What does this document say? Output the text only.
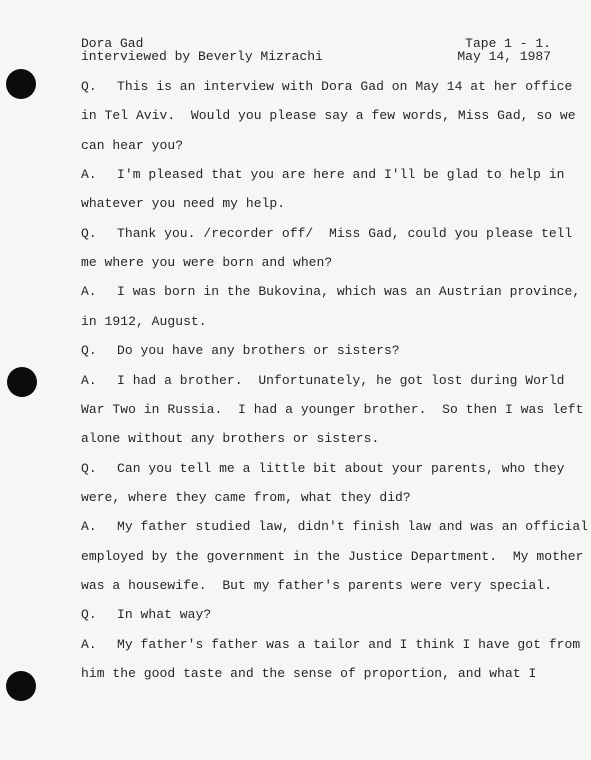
Dora Gad	Tape 1 - 1.
interviewed by Beverly Mizrachi	May 14, 1987
Q. This is an interview with Dora Gad on May 14 at her office
in Tel Aviv.  Would you please say a few words, Miss Gad, so we
can hear you?
A. I'm pleased that you are here and I'll be glad to help in
whatever you need my help.
Q. Thank you. /recorder off/  Miss Gad, could you please tell
me where you were born and when?
A. I was born in the Bukovina, which was an Austrian province,
in 1912, August.
Q. Do you have any brothers or sisters?
A. I had a brother.  Unfortunately, he got lost during World
War Two in Russia.  I had a younger brother.  So then I was left
alone without any brothers or sisters.
Q. Can you tell me a little bit about your parents, who they
were, where they came from, what they did?
A. My father studied law, didn't finish law and was an official
employed by the government in the Justice Department.  My mother
was a housewife.  But my father's parents were very special.
Q. In what way?
A. My father's father was a tailor and I think I have got from
him the good taste and the sense of proportion, and what I
